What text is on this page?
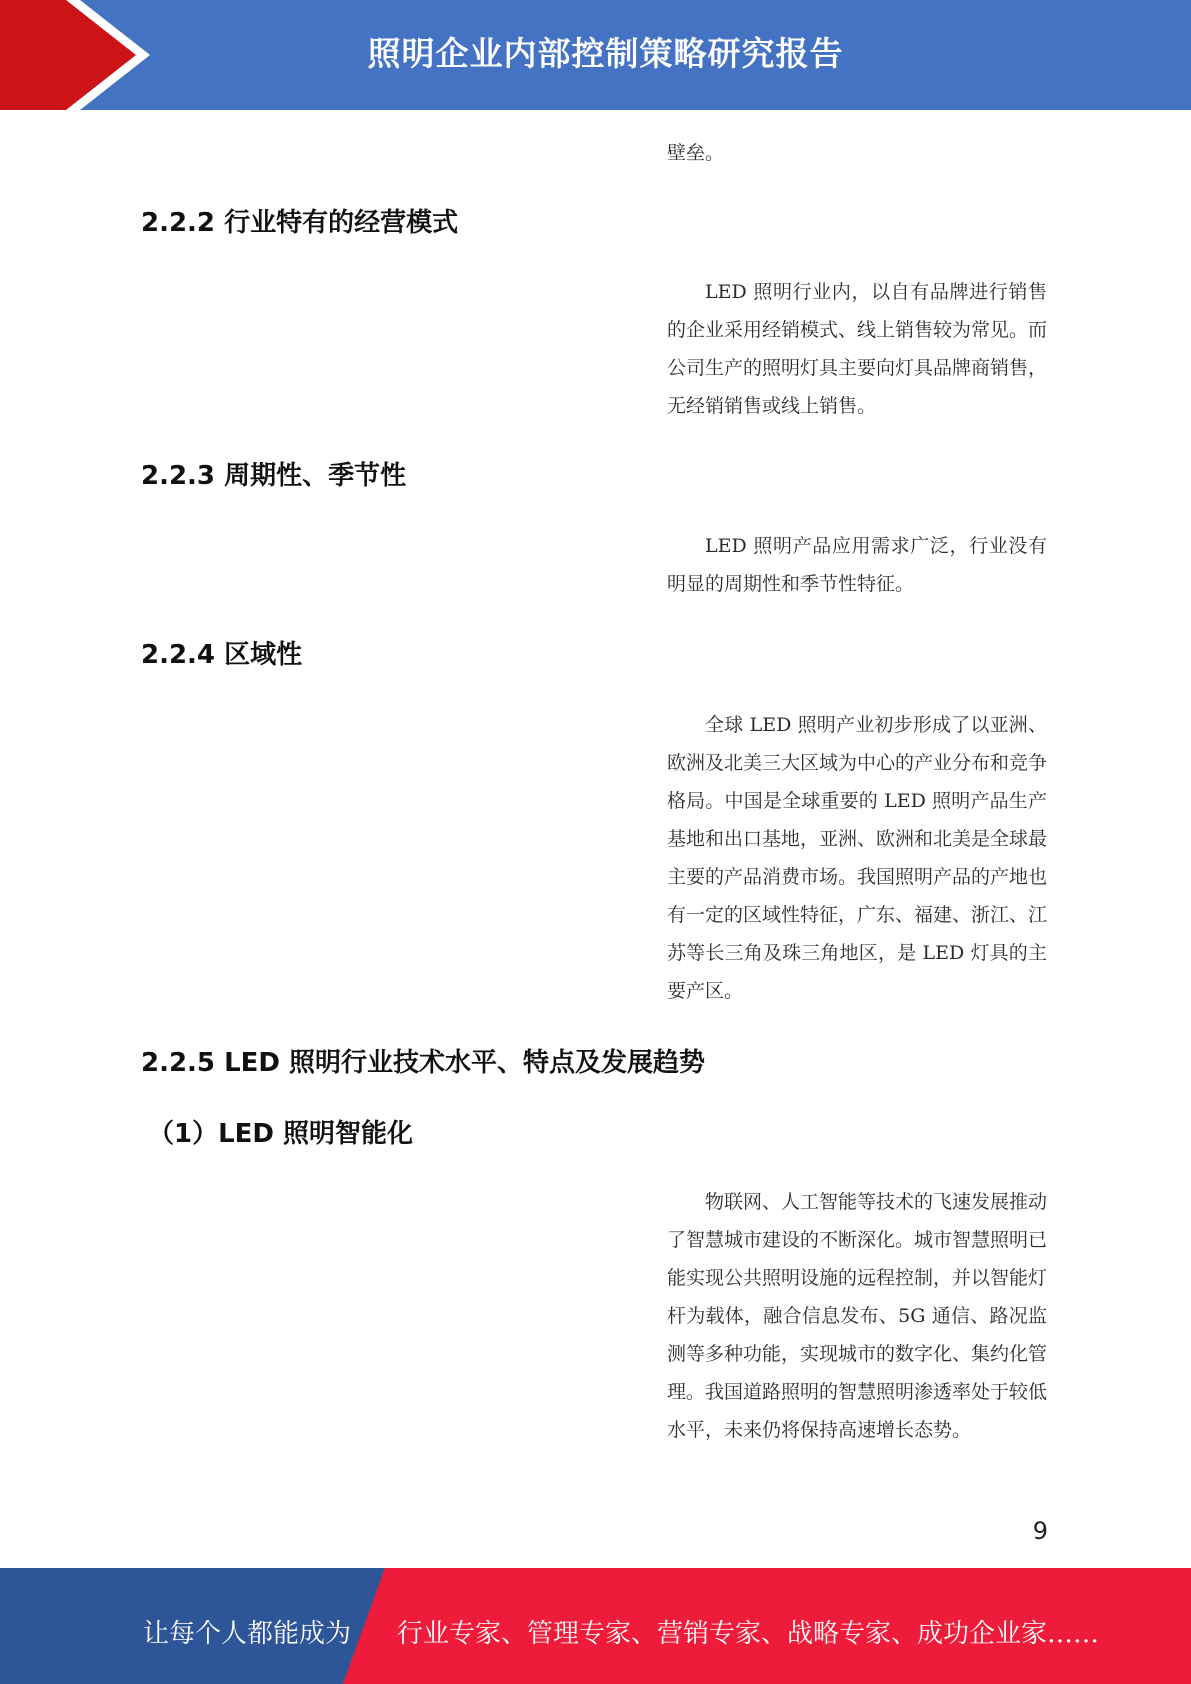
照明企业内部控制策略研究报告

壁垒。

2.2.2 行业特有的经营模式

LED 照明行业内，以自有品牌进行销售的企业采用经销模式、线上销售较为常见。而公司生产的照明灯具主要向灯具品牌商销售，无经销销售或线上销售。

2.2.3 周期性、季节性

LED 照明产品应用需求广泛，行业没有明显的周期性和季节性特征。

2.2.4 区域性

全球 LED 照明产业初步形成了以亚洲、欧洲及北美三大区域为中心的产业分布和竞争格局。中国是全球重要的 LED 照明产品生产基地和出口基地，亚洲、欧洲和北美是全球最主要的产品消费市场。我国照明产品的产地也有一定的区域性特征，广东、福建、浙江、江苏等长三角及珠三角地区，是 LED 灯具的主要产区。

2.2.5 LED 照明行业技术水平、特点及发展趋势
（1）LED 照明智能化

物联网、人工智能等技术的飞速发展推动了智慧城市建设的不断深化。城市智慧照明已能实现公共照明设施的远程控制，并以智能灯杆为载体，融合信息发布、5G 通信、路况监测等多种功能，实现城市的数字化、集约化管理。我国道路照明的智慧照明渗透率处于较低水平，未来仍将保持高速增长态势。

9
让每个人都能成为 行业专家、管理专家、营销专家、战略专家、成功企业家……
